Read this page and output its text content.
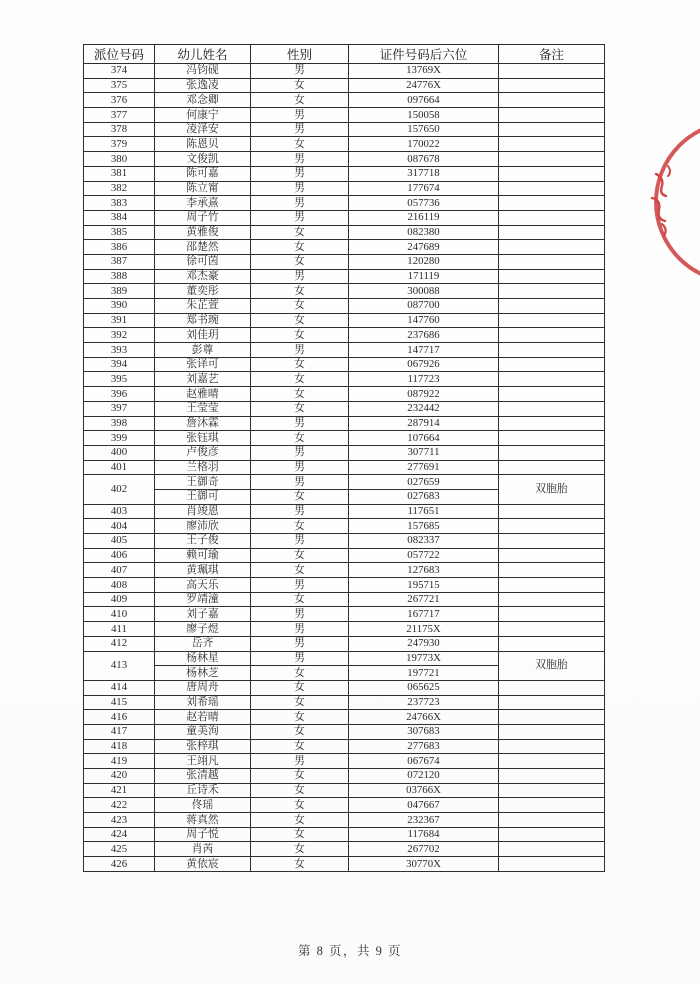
派位号码	幼儿姓名	性别	证件号码后六位	备注
374	冯钧砚	男	13769X	
375	张逸凌	女	24776X	
376	邓念卿	女	097664	
377	何康宁	男	150058	
378	凌泽安	男	157650	
379	陈恩贝	女	170022	
380	文俊凯	男	087678	
381	陈可嘉	男	317718	
382	陈立甯	男	177674	
383	李承熹	男	057736	
384	周子竹	男	216119	
385	黄雅俊	女	082380	
386	邵楚然	女	247689	
387	徐可茵	女	120280	
388	邓杰豪	男	171119	
389	董奕彤	女	300088	
390	朱芷萱	女	087700	
391	郑书琬	女	147760	
392	刘佳玥	女	237686	
393	彭尊	男	147717	
394	张译可	女	067926	
395	刘嘉艺	女	117723	
396	赵雅晴	女	087922	
397	王莹莹	女	232442	
398	詹沐霖	男	287914	
399	张钰琪	女	107664	
400	卢俊彦	男	307711	
401	兰格羽	男	277691	
402	王御奇	男	027659	双胞胎
	王御可	女	027683	
403	肖竣恩	男	117651	
404	廖沛欣	女	157685	
405	王子俊	男	082337	
406	赖可瑜	女	057722	
407	黄珮琪	女	127683	
408	高天乐	男	195715	
409	罗靖潼	女	267721	
410	刘子嘉	男	167717	
411	廖子煜	男	21175X	
412	岳齐	男	247930	
413	杨林星	男	19773X	双胞胎
	杨林芝	女	197721	
414	唐周舟	女	065625	
415	刘希瑶	女	237723	
416	赵若晴	女	24766X	
417	童美洵	女	307683	
418	张梓琪	女	277683	
419	王翊凡	男	067674	
420	张清越	女	072120	
421	丘诗禾	女	03766X	
422	佟瑶	女	047667	
423	蒋真然	女	232367	
424	周子悦	女	117684	
425	肖芮	女	267702	
426	黄依宸	女	30770X	
第 8 页，共 9 页
